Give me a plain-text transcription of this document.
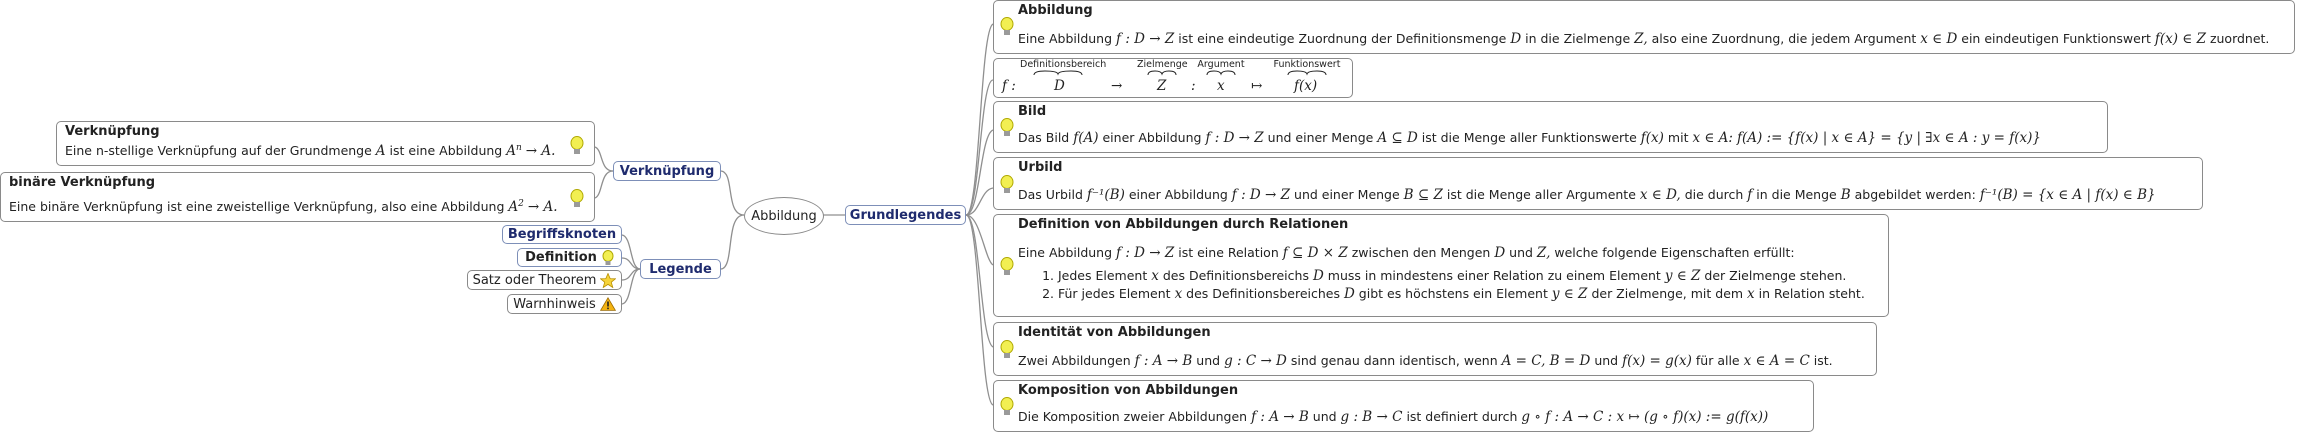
Abbildung	Grundlegendes
Verknüpfung
Legende
Begriffsknoten
Definition
Satz oder Theorem
Warnhinweis
Verknüpfung
Eine n-stellige Verknüpfung auf der Grundmenge A ist eine Abbildung $A^n \to A$.
binäre Verknüpfung
Eine binäre Verknüpfung ist eine zweistellige Verknüpfung, also eine Abbildung $A^2 \to A$.
Abbildung
Eine Abbildung f : D → Z ist eine eindeutige Zuordnung der Definitionsmenge D in die Zielmenge Z, also eine Zuordnung, die jedem Argument x ∈ D ein eindeutigen Funktionswert f(x) ∈ Z zuordnet.
f :
Definitionsbereich
D	→
Zielmenge
Z :
Argument
x ↦
Funktionswert
f(x)
Bild
Das Bild f(A) einer Abbildung f : D → Z und einer Menge A ⊆ D ist die Menge aller Funktionswerte f(x) mit x ∈ A: f(A) := {f(x) | x ∈ A} = {y | ∃x ∈ A : y = f(x)}
Urbild
Das Urbild f⁻¹(B) einer Abbildung f : D → Z und einer Menge B ⊆ Z ist die Menge aller Argumente x ∈ D, die durch f in die Menge B abgebildet werden: f⁻¹(B) = {x ∈ A | f(x) ∈ B}
Definition von Abbildungen durch Relationen
Eine Abbildung f : D → Z ist eine Relation f ⊆ D × Z zwischen den Mengen D und Z, welche folgende Eigenschaften erfüllt:
1. Jedes Element x des Definitionsbereichs D muss in mindestens einer Relation zu einem Element y ∈ Z der Zielmenge stehen.
2. Für jedes Element x des Definitionsbereiches D gibt es höchstens ein Element y ∈ Z der Zielmenge, mit dem x in Relation steht.
Identität von Abbildungen
Zwei Abbildungen f : A → B und g : C → D sind genau dann identisch, wenn A = C, B = D und f(x) = g(x) für alle x ∈ A = C ist.
Komposition von Abbildungen
Die Komposition zweier Abbildungen f : A → B und g : B → C ist definiert durch g ∘ f : A → C : x ↦ (g ∘ f)(x) := g(f(x))
